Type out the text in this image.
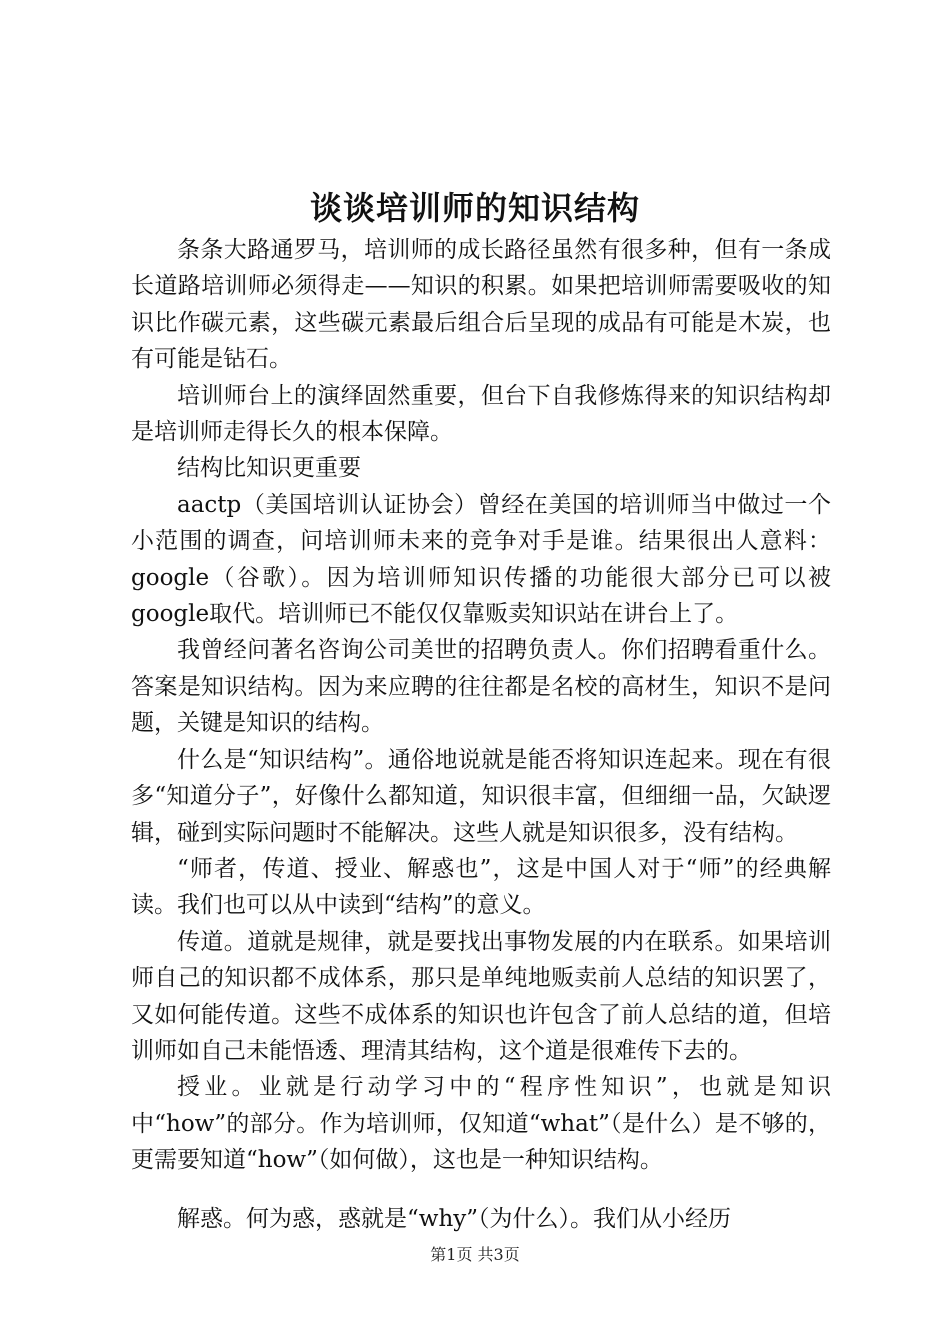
谈谈培训师的知识结构

条条大路通罗马，培训师的成长路径虽然有很多种，但有一条成长道路培训师必须得走——知识的积累。如果把培训师需要吸收的知识比作碳元素，这些碳元素最后组合后呈现的成品有可能是木炭，也有可能是钻石。

培训师台上的演绎固然重要，但台下自我修炼得来的知识结构却是培训师走得长久的根本保障。

结构比知识更重要

aactp（美国培训认证协会）曾经在美国的培训师当中做过一个小范围的调查，问培训师未来的竞争对手是谁。结果很出人意料：google（谷歌）。因为培训师知识传播的功能很大部分已可以被google取代。培训师已不能仅仅靠贩卖知识站在讲台上了。

我曾经问著名咨询公司美世的招聘负责人。你们招聘看重什么。答案是知识结构。因为来应聘的往往都是名校的高材生，知识不是问题，关键是知识的结构。

什么是“知识结构”。通俗地说就是能否将知识连起来。现在有很多“知道分子”，好像什么都知道，知识很丰富，但细细一品，欠缺逻辑，碰到实际问题时不能解决。这些人就是知识很多，没有结构。

“师者，传道、授业、解惑也”，这是中国人对于“师”的经典解读。我们也可以从中读到“结构”的意义。

传道。道就是规律，就是要找出事物发展的内在联系。如果培训师自己的知识都不成体系，那只是单纯地贩卖前人总结的知识罢了，又如何能传道。这些不成体系的知识也许包含了前人总结的道，但培训师如自己未能悟透、理清其结构，这个道是很难传下去的。

授业。业就是行动学习中的“程序性知识”，也就是知识中“how”的部分。作为培训师，仅知道“what”（是什么）是不够的，更需要知道“how”（如何做），这也是一种知识结构。

解惑。何为惑，惑就是“why”（为什么）。我们从小经历

第1页 共3页
